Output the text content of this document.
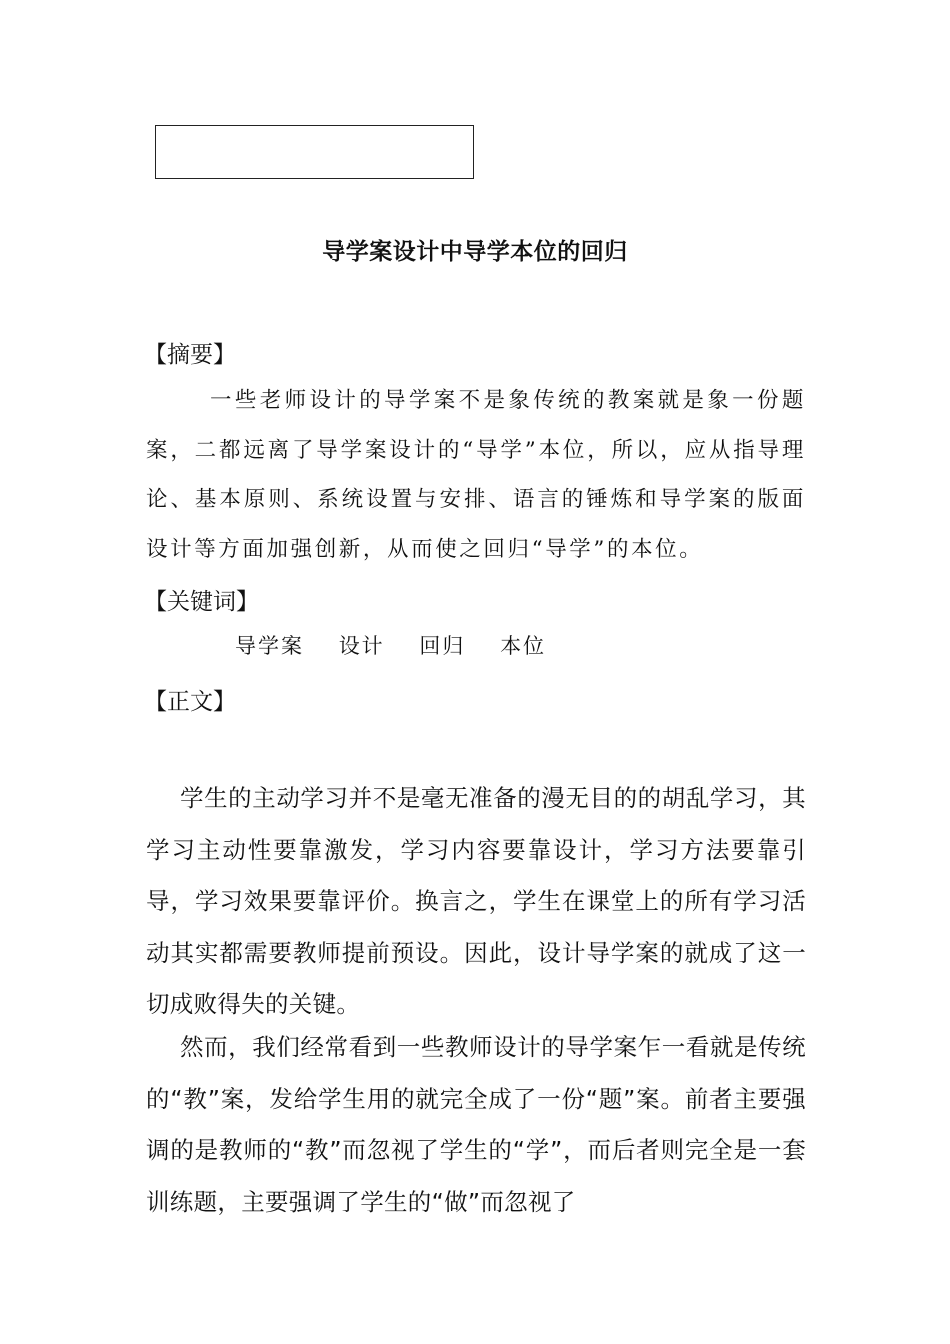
导学案设计中导学本位的回归
【摘要】

一些老师设计的导学案不是象传统的教案就是象一份题案，二都远离了导学案设计的“导学”本位，所以，应从指导理论、基本原则、系统设置与安排、语言的锤炼和导学案的版面设计等方面加强创新，从而使之回归“导学”的本位。

【关键词】

导学案 设计 回归 本位

【正文】

学生的主动学习并不是毫无准备的漫无目的的胡乱学习，其学习主动性要靠激发，学习内容要靠设计，学习方法要靠引导，学习效果要靠评价。换言之，学生在课堂上的所有学习活动其实都需要教师提前预设。因此，设计导学案的就成了这一切成败得失的关键。

然而，我们经常看到一些教师设计的导学案乍一看就是传统的“教”案，发给学生用的就完全成了一份“题”案。前者主要强调的是教师的“教”而忽视了学生的“学”，而后者则完全是一套训练题，主要强调了学生的“做”而忽视了
